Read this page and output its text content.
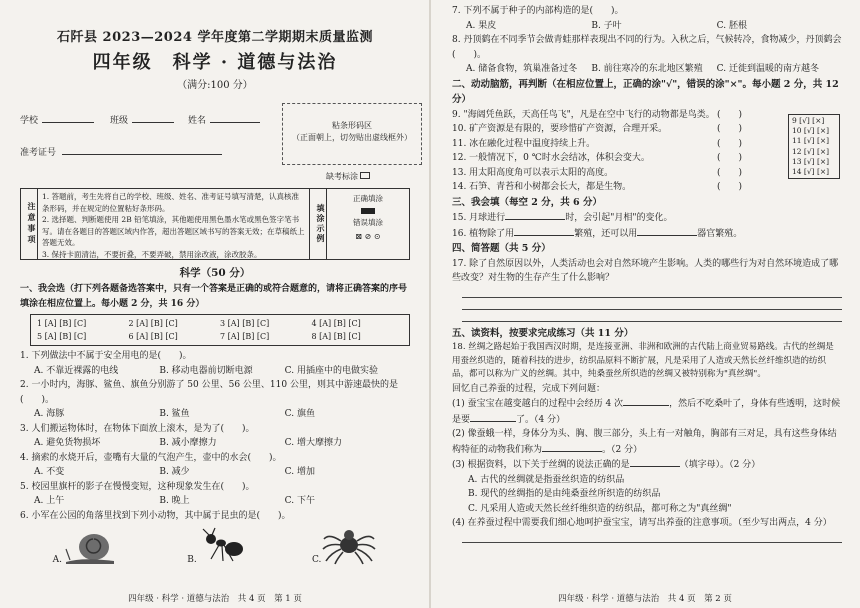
石阡县 2023—2024 学年度第二学期期末质量监测
四年级　科学 · 道德与法治
（满分:100 分）
学校	班级	姓名
准考证号
粘条形码区
（正面朝上，切勿贴出虚线框外）
缺考标涂
注意事项
1. 答题前，考生先将自己的学校、班级、姓名、准考证号填写清楚，认真核准条形码，并在规定的位置粘好条形码。
2. 选择题、判断题使用 2B 铅笔填涂，其他题使用黑色墨水笔或黑色签字笔书写。请在各题目的答题区域内作答，超出答题区域书写的答案无效；在草稿纸上答题无效。
3. 保持卡面清洁，不要折叠，不要弄破，禁用涂改液，涂改胶条。
填涂示例
正确填涂
错误填涂
⊠ ⊘ ⊙
科学（50 分）
一、我会选（打下列各题备选答案中，只有一个答案是正确的或符合题意的，请将正确答案的序号填涂在相应位置上。每小题 2 分，共 16 分）
1 [A] [B] [C]	2 [A] [B] [C]	3 [A] [B] [C]	4 [A] [B] [C]
5 [A] [B] [C]	6 [A] [B] [C]	7 [A] [B] [C]	8 [A] [B] [C]
1. 下列做法中不属于安全用电的是(　　)。
A. 不靠近裸露的电线	B. 移动电器前切断电源	C. 用插座中的电做实验
2. 一小时内，海豚、鲨鱼、旗鱼分别游了 50 公里、56 公里、110 公里，则其中游速最快的是(　　)。
A. 海豚	B. 鲨鱼	C. 旗鱼
3. 人们搬运物体时，在物体下面放上滚木，是为了(　　)。
A. 避免货物损坏	B. 减小摩擦力	C. 增大摩擦力
4. 摘索的水烧开后，壶嘴有大量的气泡产生，壶中的水会(　　)。
A. 不变	B. 减少	C. 增加
5. 校园里旗杆的影子在慢慢变短，这种现象发生在(　　)。
A. 上午	B. 晚上	C. 下午
6. 小军在公园的角落里找到下列小动物，其中属于昆虫的是(　　)。
A.	B.	C.
四年级 · 科学 · 道德与法治　共 4 页　第 1 页
7. 下列不属于种子的内部构造的是(　　)。
A. 果皮	B. 子叶	C. 胚根
8. 丹顶鹤在不同季节会做青蛙那样表现出不同的行为。入秋之后，气候转冷，食物减少，丹顶鹤会(　　)。
A. 储备食物，筑巢准备过冬	B. 前往寒冷的东北地区繁殖	C. 迁徙到温暖的南方越冬
二、动动脑筋，再判断（在相应位置上，正确的涂"√"，错误的涂"×"。每小题 2 分，共 12 分）
9. "海阔凭鱼跃，天高任鸟飞"，凡是在空中飞行的动物都是鸟类。 (　　)
10. 矿产资源是有限的，要珍惜矿产资源，合理开采。	(　　)
11. 冰在融化过程中温度持续上升。	(　　)
12. 一般情况下，0 ℃时水会结冰，体积会变大。	(　　)
13. 用太阳高度角可以表示太阳的高度。	(　　)
14. 石笋、青苔和小树都会长大，都是生物。	(　　)
9 [√] [×]
10 [√] [×]
11 [√] [×]
12 [√] [×]
13 [√] [×]
14 [√] [×]
三、我会填（每空 2 分，共 6 分）
15. 月球进行	时，会引起"月相"的变化。
16. 植物除了用	繁殖，还可以用	器官繁殖。
四、简答题（共 5 分）
17. 除了自然原因以外，人类活动也会对自然环境产生影响。人类的哪些行为对自然环境造成了哪些改变？对生物的生存产生了什么影响？
五、读资料，按要求完成练习（共 11 分）
18. 丝绸之路起始于我国西汉时期，是连接亚洲、非洲和欧洲的古代陆上商业贸易路线。古代的丝绸是用蚕丝织造的，随着科技的进步，纺织品原料不断扩展，凡是采用了人造或天然长丝纤维织造的纺织品，都可以称为广义的丝绸。其中，纯桑蚕丝所织造的丝绸又被特别称为"真丝绸"。
回忆自己养蚕的过程，完成下列问题：
(1) 蚕宝宝在越变越白的过程中会经历 4 次	，然后不吃桑叶了，身体有些透明，这时候是要	了。（4 分）
(2) 像蚕蛾一样，身体分为头、胸、腹三部分，头上有一对触角，胸部有三对足，具有这些身体结构特征的动物我们称为	。（2 分）
(3) 根据资料，以下关于丝绸的说法正确的是	（填字母）。（2 分）
A. 古代的丝绸就是指蚕丝织造的纺织品
B. 现代的丝绸指的是由纯桑蚕丝所织造的纺织品
C. 凡采用人造或天然长丝纤维织造的纺织品，都可称之为"真丝绸"
(4) 在养蚕过程中需要我们细心地呵护蚕宝宝，请写出养蚕的注意事项。（至少写出两点，4 分）
四年级 · 科学 · 道德与法治　共 4 页　第 2 页
